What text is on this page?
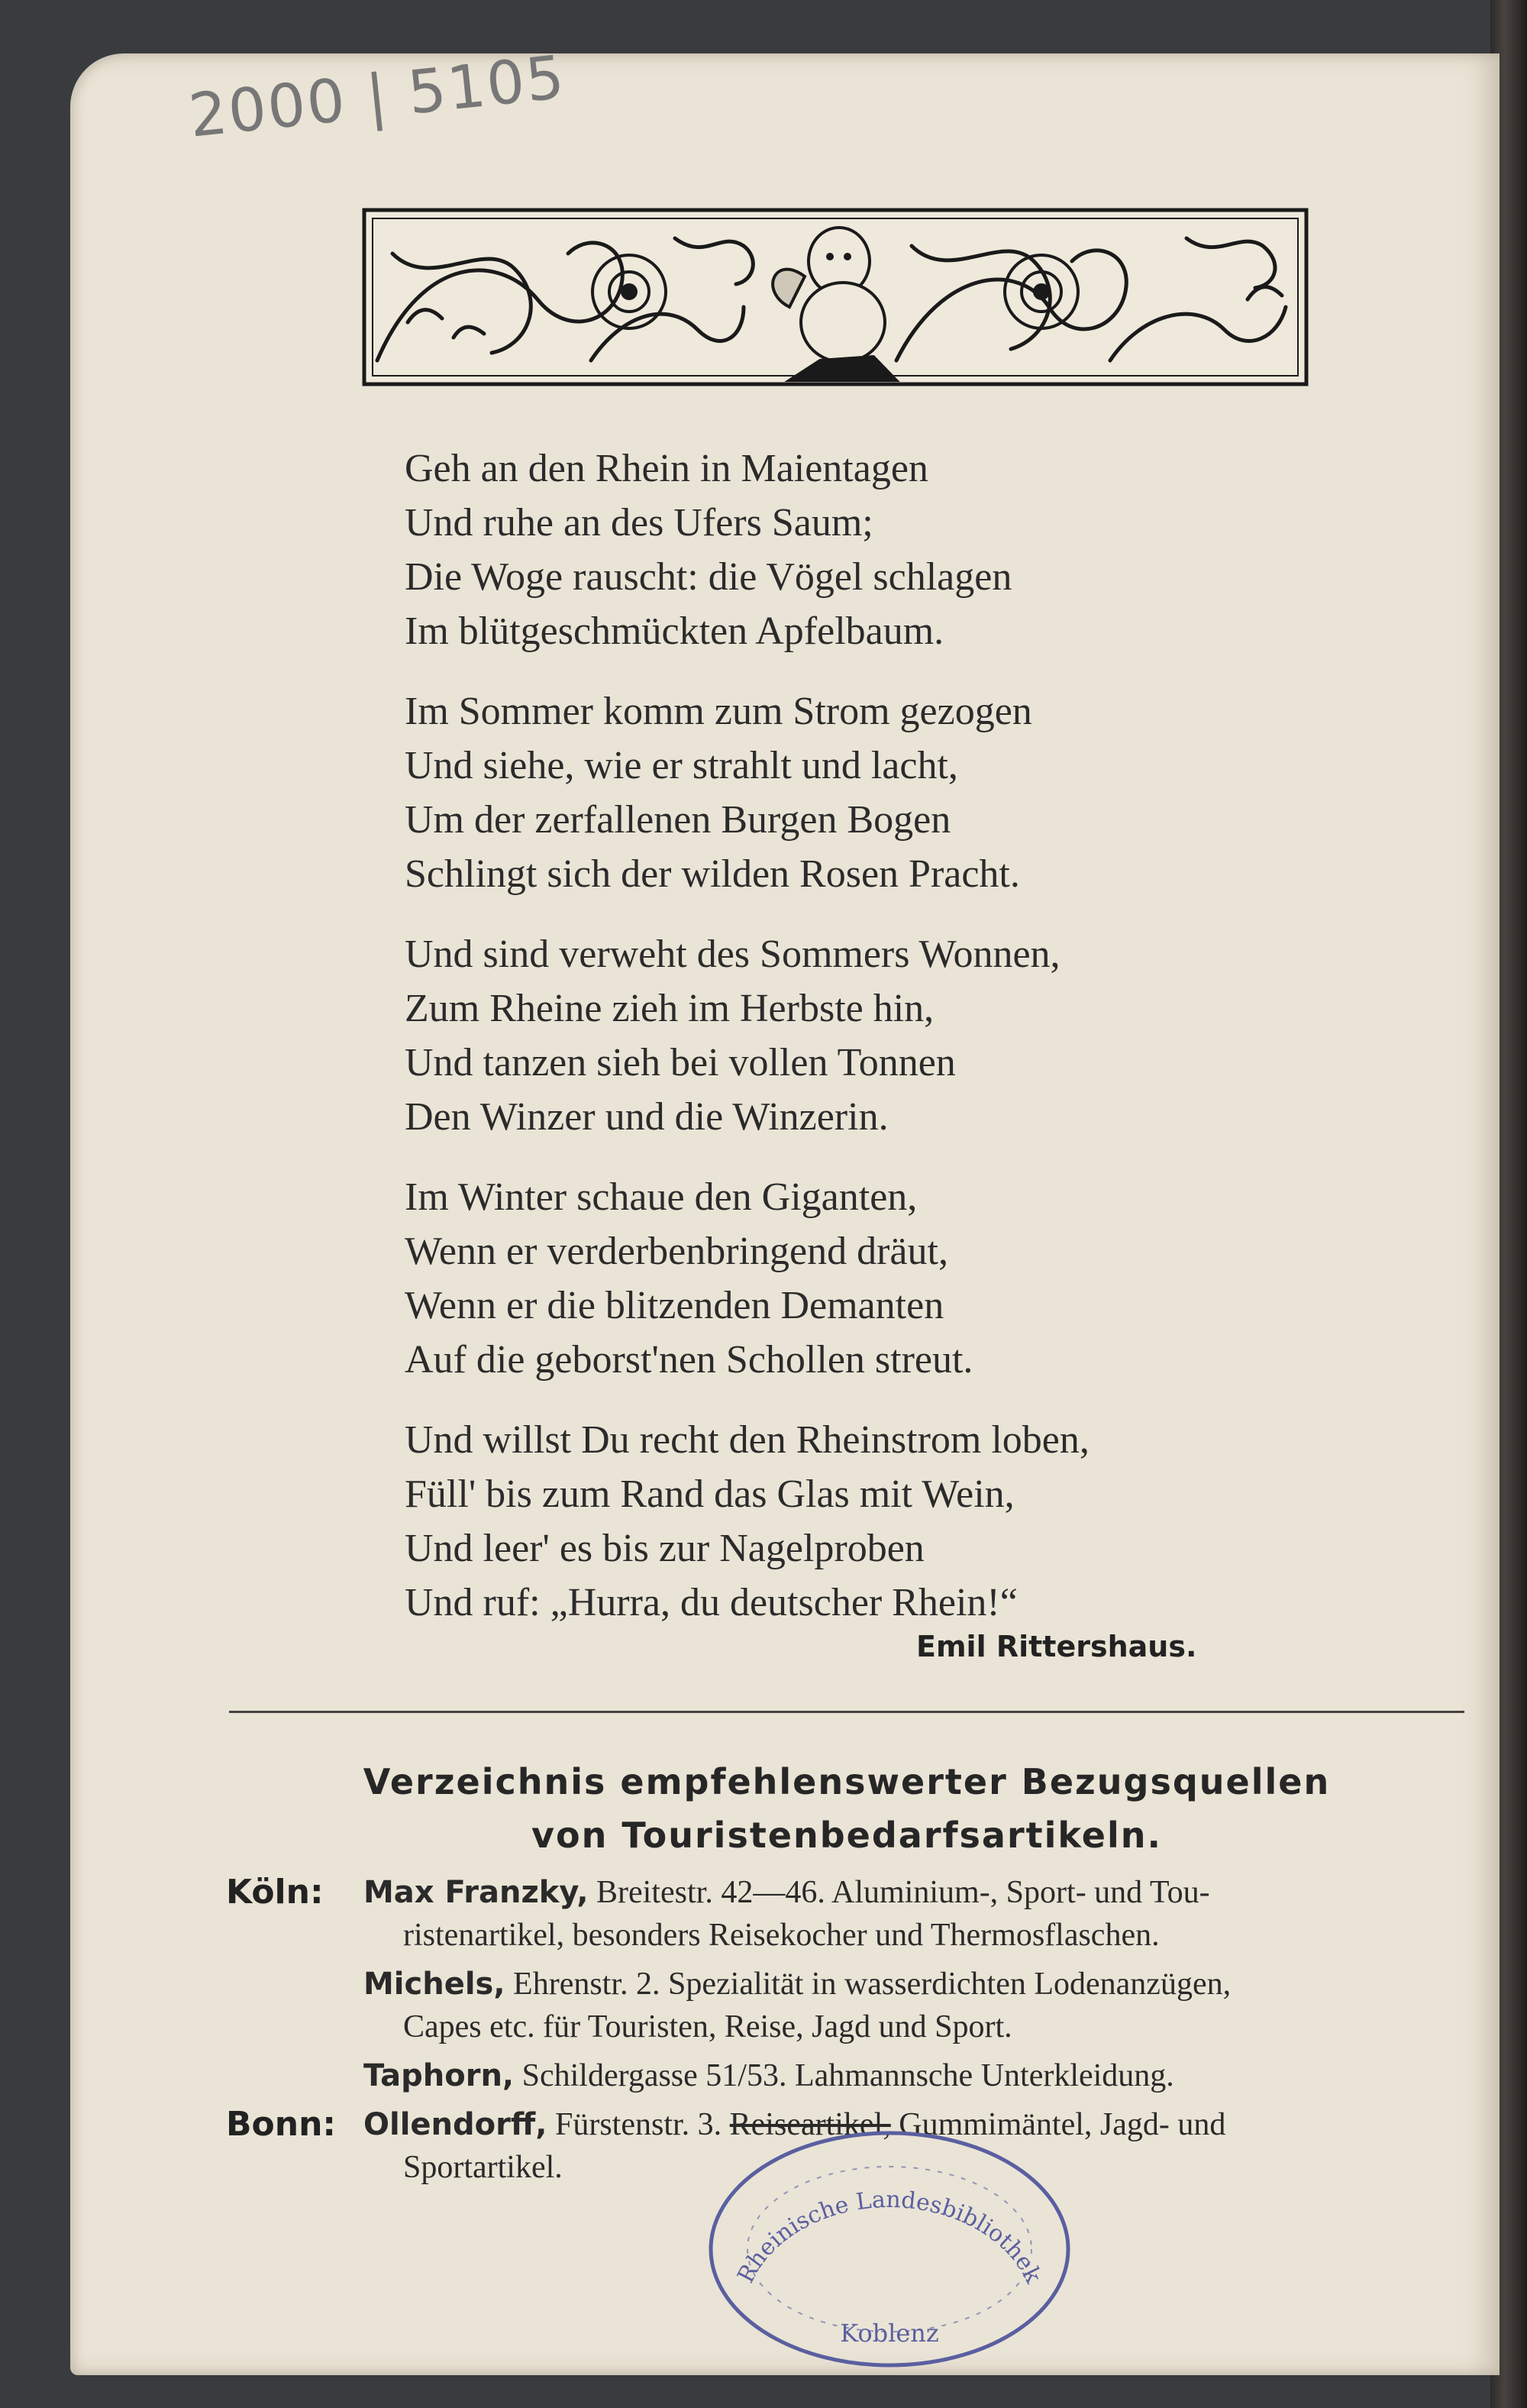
2000 | 5105
Geh an den Rhein in Maientagen
Und ruhe an des Ufers Saum;
Die Woge rauscht: die Vögel schlagen
Im blütgeschmückten Apfelbaum.
Im Sommer komm zum Strom gezogen
Und siehe, wie er strahlt und lacht,
Um der zerfallenen Burgen Bogen
Schlingt sich der wilden Rosen Pracht.
Und sind verweht des Sommers Wonnen,
Zum Rheine zieh im Herbste hin,
Und tanzen sieh bei vollen Tonnen
Den Winzer und die Winzerin.
Im Winter schaue den Giganten,
Wenn er verderbenbringend dräut,
Wenn er die blitzenden Demanten
Auf die geborst'nen Schollen streut.
Und willst Du recht den Rheinstrom loben,
Füll' bis zum Rand das Glas mit Wein,
Und leer' es bis zur Nagelproben
Und ruf: „Hurra, du deutscher Rhein!“
Emil Rittershaus.
Verzeichnis empfehlenswerter Bezugsquellen
von Touristenbedarfsartikeln.
Köln: Max Franzky, Breitestr. 42—46. Aluminium-, Sport- und Tou-
ristenartikel, besonders Reisekocher und Thermosflaschen.
Michels, Ehrenstr. 2. Spezialität in wasserdichten Lodenanzügen,
Capes etc. für Touristen, Reise, Jagd und Sport.
Taphorn, Schildergasse 51/53. Lahmannsche Unterkleidung.
Bonn: Ollendorff, Fürstenstr. 3. Reiseartikel, Gummimäntel, Jagd- und
Sportartikel.
Rheinische Landesbibliothek
Koblenz
